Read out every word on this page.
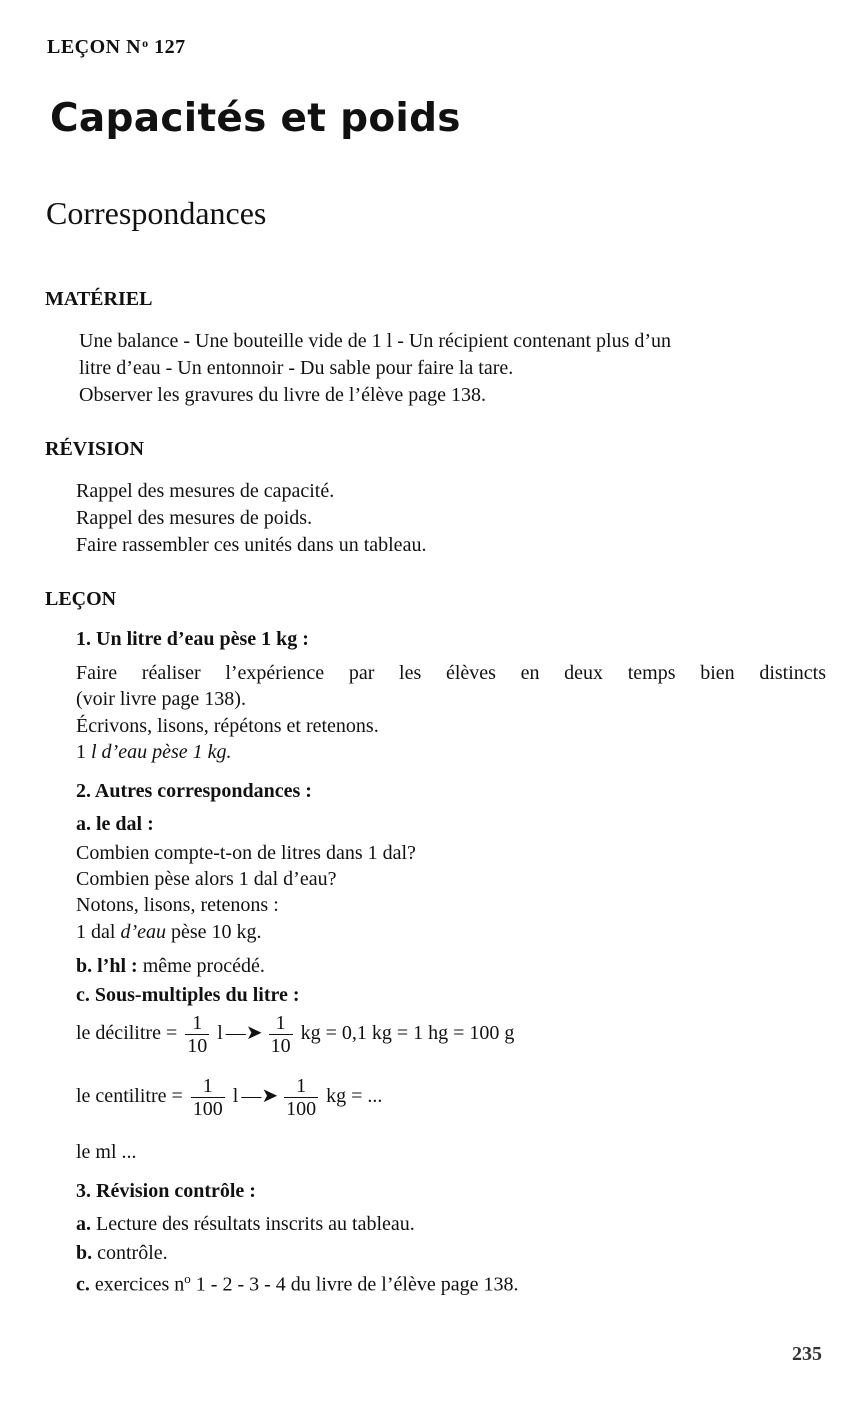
LEÇON $N^o$ 127
Capacités et poids
Correspondances
MATÉRIEL
Une balance - Une bouteille vide de 1 l - Un récipient contenant plus d’un
litre d’eau - Un entonnoir - Du sable pour faire la tare.
Observer les gravures du livre de l’élève page 138.
RÉVISION
Rappel des mesures de capacité.
Rappel des mesures de poids.
Faire rassembler ces unités dans un tableau.
LEÇON
1. Un litre d’eau pèse 1 kg :
Faire réaliser l’expérience par les élèves en deux temps bien distincts
(voir livre page 138).
Écrivons, lisons, répétons et retenons.
1 l d’eau pèse 1 kg.
2. Autres correspondances :
a. le dal :
Combien compte-t-on de litres dans 1 dal?
Combien pèse alors 1 dal d’eau?
Notons, lisons, retenons :
1 dal d’eau pèse 10 kg.
b. l’hl : même procédé.
c. Sous-multiples du litre :
le décilitre = $\frac{1}{10}$ l —➤ $\frac{1}{10}$ kg = 0,1 kg = 1 hg = 100 g
le centilitre = $\frac{1}{100}$ l —➤ $\frac{1}{100}$ kg = ...
le ml ...
3. Révision contrôle :
a. Lecture des résultats inscrits au tableau.
b. contrôle.
c. exercices $n^o$ 1 - 2 - 3 - 4 du livre de l’élève page 138.
235
